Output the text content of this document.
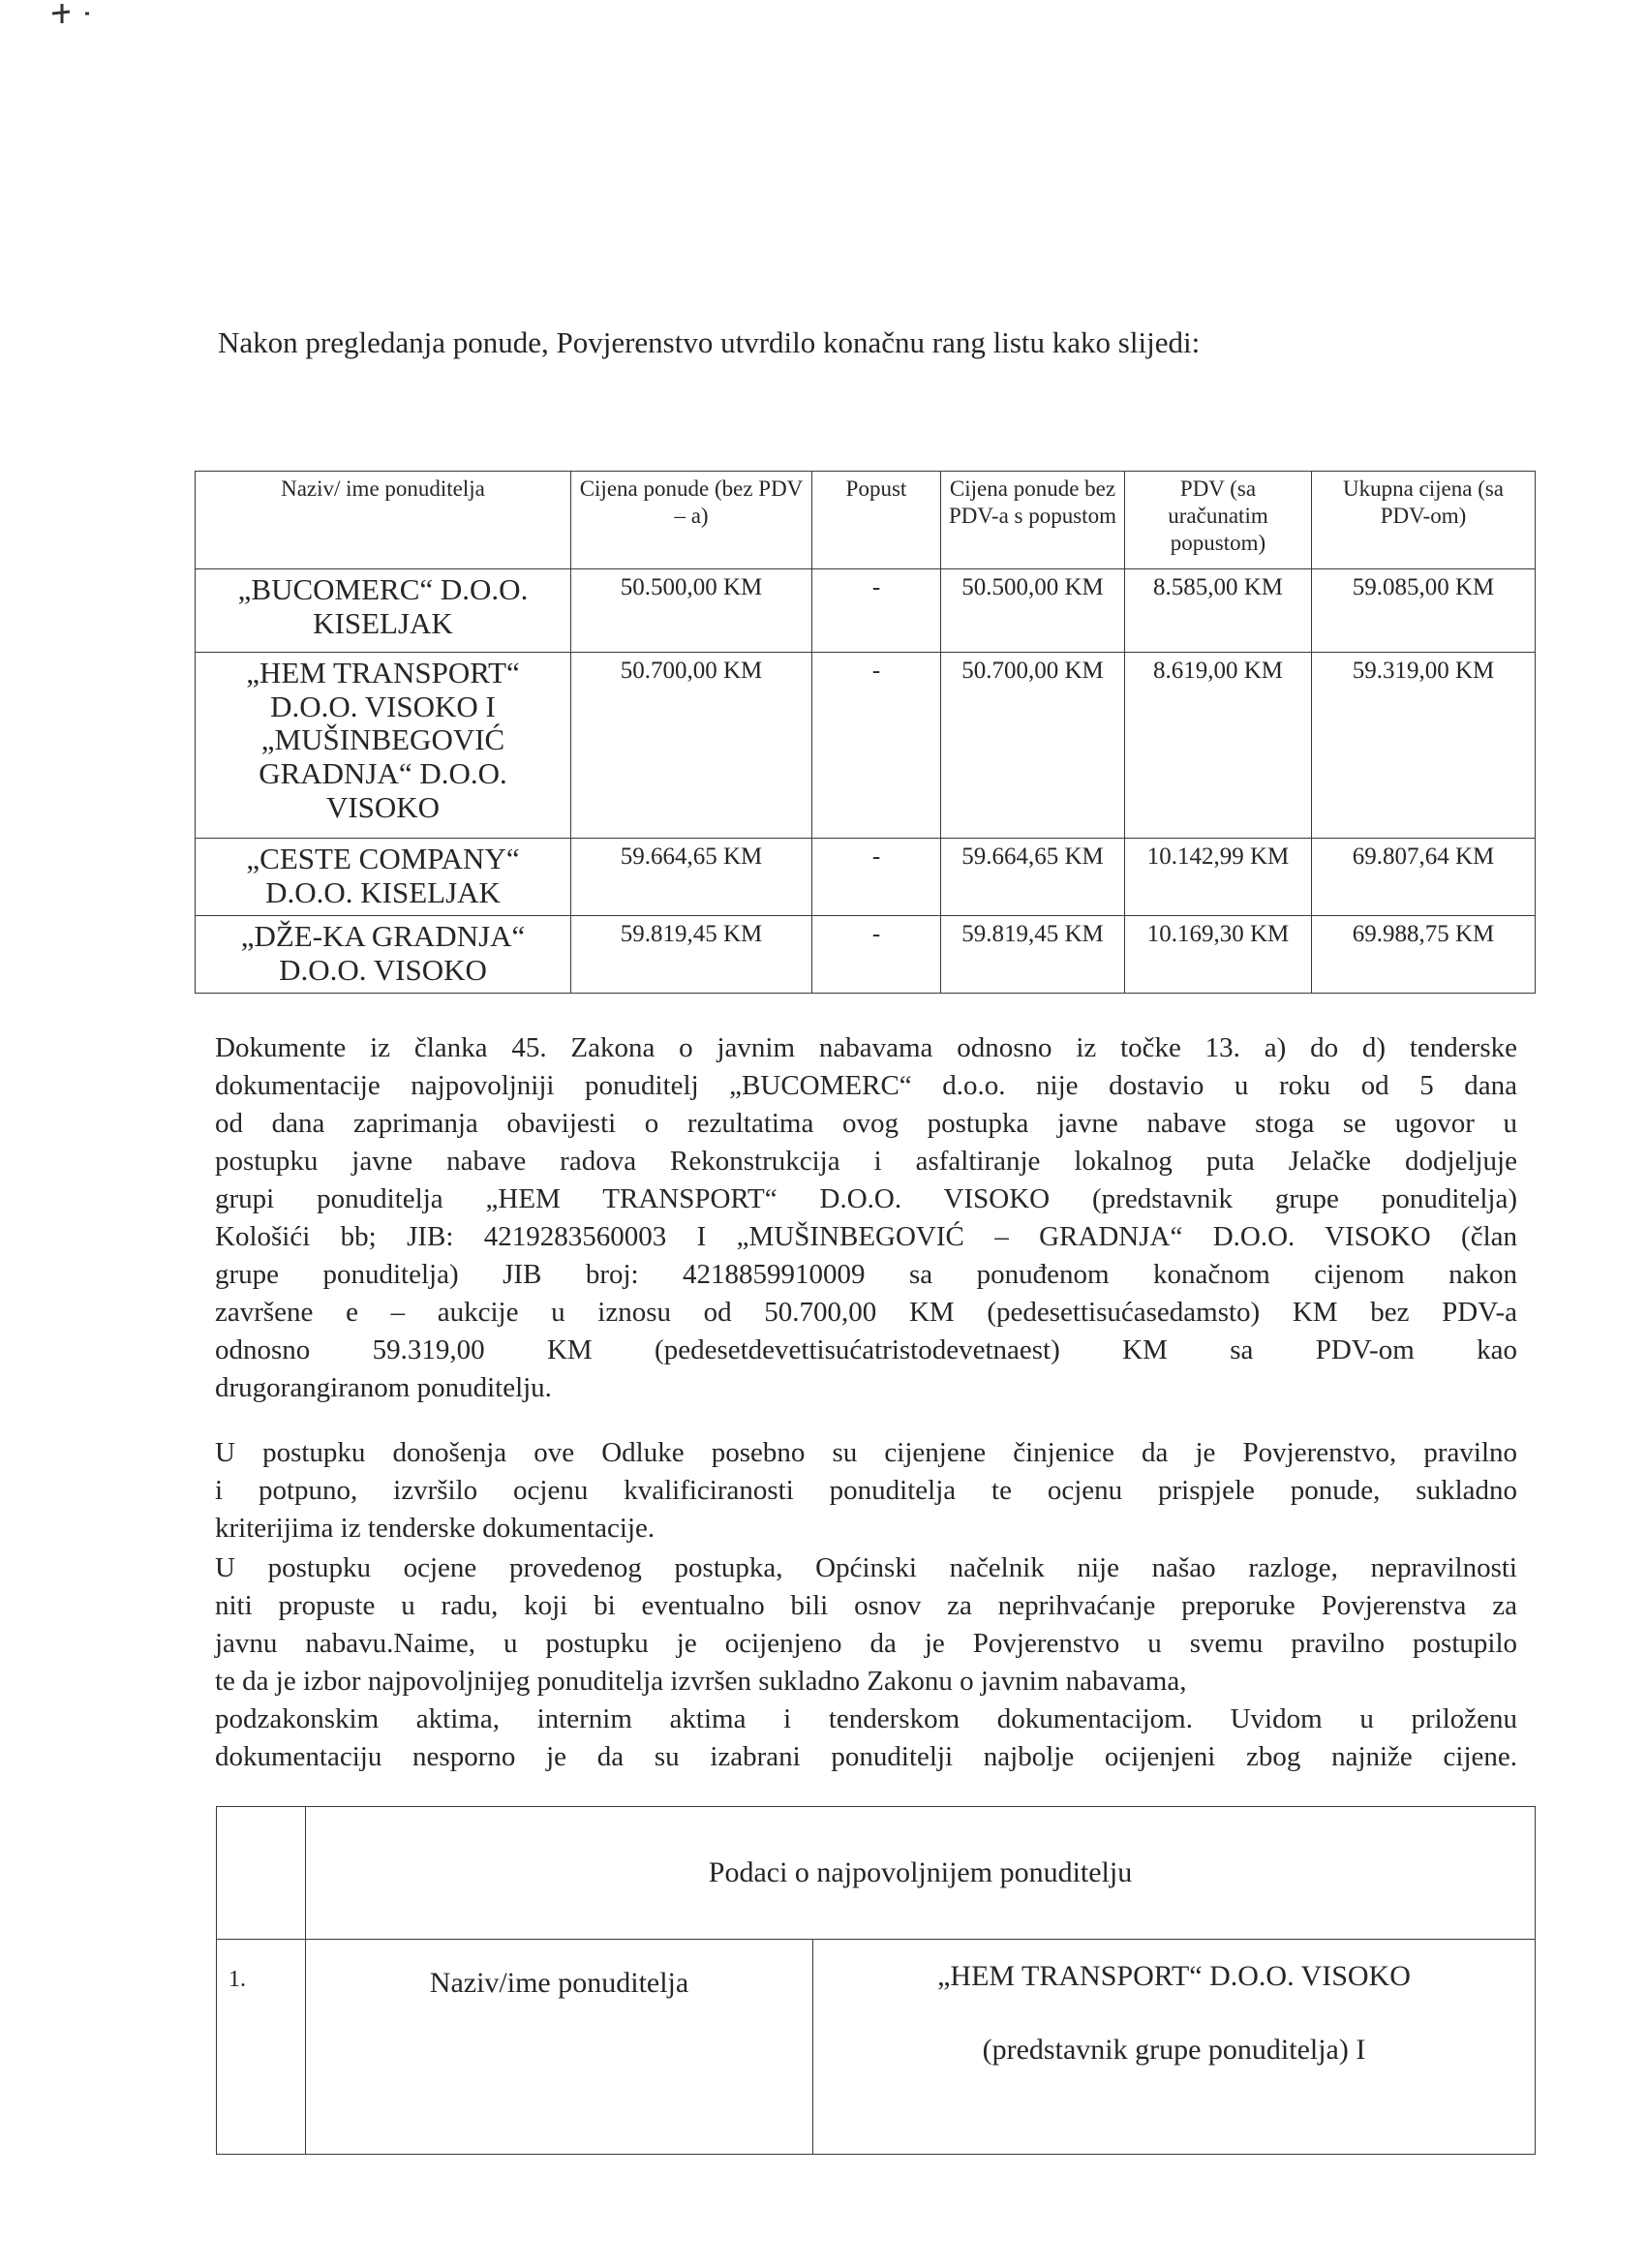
Nakon pregledanja ponude, Povjerenstvo utvrdilo konačnu rang listu kako slijedi:

Naziv/ ime ponuditelja	Cijena ponude (bez PDV – a)	Popust	Cijena ponude bez PDV-a s popustom	PDV (sa uračunatim popustom)	Ukupna cijena (sa PDV-om)
„BUCOMERC“ D.O.O. KISELJAK	50.500,00 KM	-	50.500,00 KM	8.585,00 KM	59.085,00 KM
„HEM TRANSPORT“ D.O.O. VISOKO I „MUŠINBEGOVIĆ GRADNJA“ D.O.O. VISOKO	50.700,00 KM	-	50.700,00 KM	8.619,00 KM	59.319,00 KM
„CESTE COMPANY“ D.O.O. KISELJAK	59.664,65 KM	-	59.664,65 KM	10.142,99 KM	69.807,64 KM
„DŽE-KA GRADNJA“ D.O.O. VISOKO	59.819,45 KM	-	59.819,45 KM	10.169,30 KM	69.988,75 KM
Dokumente iz članka 45. Zakona o javnim nabavama odnosno iz točke 13. a) do d) tenderske
dokumentacije najpovoljniji ponuditelj „BUCOMERC“ d.o.o. nije dostavio u roku od 5 dana
od dana zaprimanja obavijesti o rezultatima ovog postupka javne nabave stoga se ugovor u
postupku javne nabave radova Rekonstrukcija i asfaltiranje lokalnog puta Jelačke dodjeljuje
grupi ponuditelja „HEM TRANSPORT“ D.O.O. VISOKO (predstavnik grupe ponuditelja)
Kološići bb; JIB: 4219283560003 I „MUŠINBEGOVIĆ – GRADNJA“ D.O.O. VISOKO (član
grupe ponuditelja) JIB broj: 4218859910009 sa ponuđenom konačnom cijenom nakon
završene e – aukcije u iznosu od 50.700,00 KM (pedesettisućasedamsto) KM bez PDV-a
odnosno 59.319,00 KM (pedesetdevettisućatristodevetnaest) KM sa PDV-om kao
drugorangiranom ponuditelju.
U postupku donošenja ove Odluke posebno su cijenjene činjenice da je Povjerenstvo, pravilno
i potpuno, izvršilo ocjenu kvalificiranosti ponuditelja te ocjenu prispjele ponude, sukladno
kriterijima iz tenderske dokumentacije.
U postupku ocjene provedenog postupka, Općinski načelnik nije našao razloge, nepravilnosti
niti propuste u radu, koji bi eventualno bili osnov za neprihvaćanje preporuke Povjerenstva za
javnu nabavu.Naime, u postupku je ocijenjeno da je Povjerenstvo u svemu pravilno postupilo
te da je izbor najpovoljnijeg ponuditelja izvršen sukladno Zakonu o javnim nabavama,
podzakonskim aktima, internim aktima i tenderskom dokumentacijom. Uvidom u priloženu
dokumentaciju nesporno je da su izabrani ponuditelji najbolje ocijenjeni zbog najniže cijene.
	Podaci o najpovoljnijem ponuditelju	
1.	Naziv/ime ponuditelja	„HEM TRANSPORT“ D.O.O. VISOKO
(predstavnik grupe ponuditelja) I
